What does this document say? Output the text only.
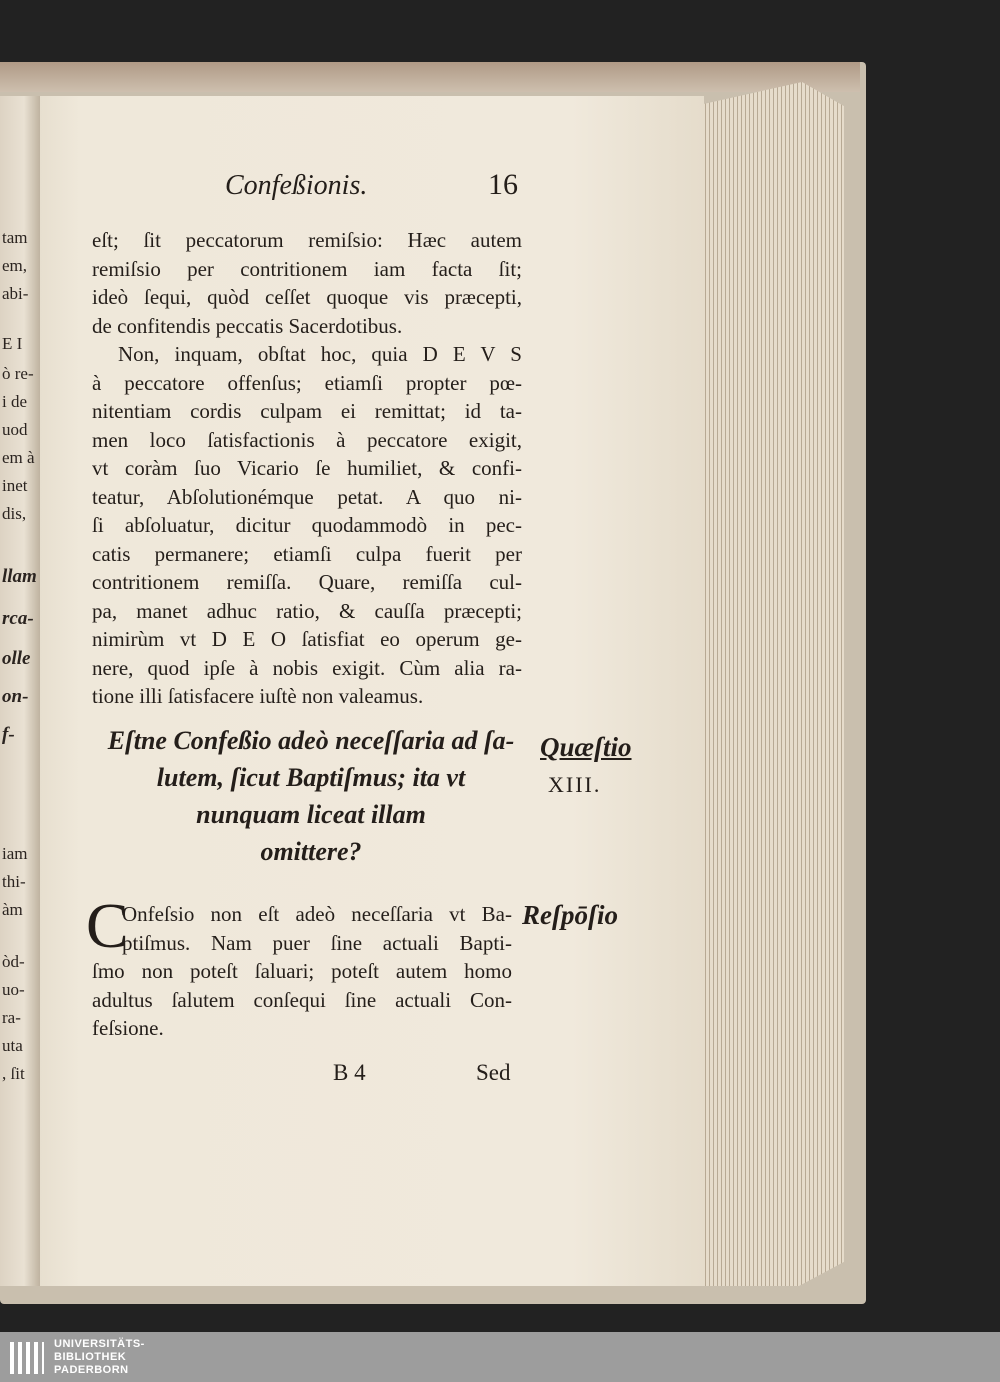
tam
em,
abi-
E I
ò re-
i de
uod
em à
inet
dis,
llam
rca-
olle
on-
f-
iam
thi-
àm
òd-
uo-
ra-
uta
, ſit
Confeßionis.	16
eſt; ſit peccatorum remiſsio: Hæc autem
remiſsio per contritionem iam facta ſit;
ideò ſequi, quòd ceſſet quoque vis præcepti,
de confitendis peccatis Sacerdotibus.
Non, inquam, obſtat hoc, quia D E V S
à peccatore offenſus; etiamſi propter pœ-
nitentiam cordis culpam ei remittat; id ta-
men loco ſatisfactionis à peccatore exigit,
vt coràm ſuo Vicario ſe humiliet, & confi-
teatur, Abſolutionémque petat. A quo ni-
ſi abſoluatur, dicitur quodammodò in pec-
catis permanere; etiamſi culpa fuerit per
contritionem remiſſa. Quare, remiſſa cul-
pa, manet adhuc ratio, & cauſſa præcepti;
nimirùm vt D E O ſatisfiat eo operum ge-
nere, quod ipſe à nobis exigit. Cùm alia ra-
tione illi ſatisfacere iuſtè non valeamus.
Eſtne Confeßio adeò neceſſaria ad ſa-
lutem, ſicut Baptiſmus; ita vt
nunquam liceat illam
omittere?
Quæſtio
XIII.
Reſpōſio
C
Onfeſsio non eſt adeò neceſſaria vt Ba-
ptiſmus. Nam puer ſine actuali Bapti-
ſmo non poteſt ſaluari; poteſt autem homo
adultus ſalutem conſequi ſine actuali Con-
feſsione.
B 4	Sed
UNIVERSITÄTS-
BIBLIOTHEK
PADERBORN
